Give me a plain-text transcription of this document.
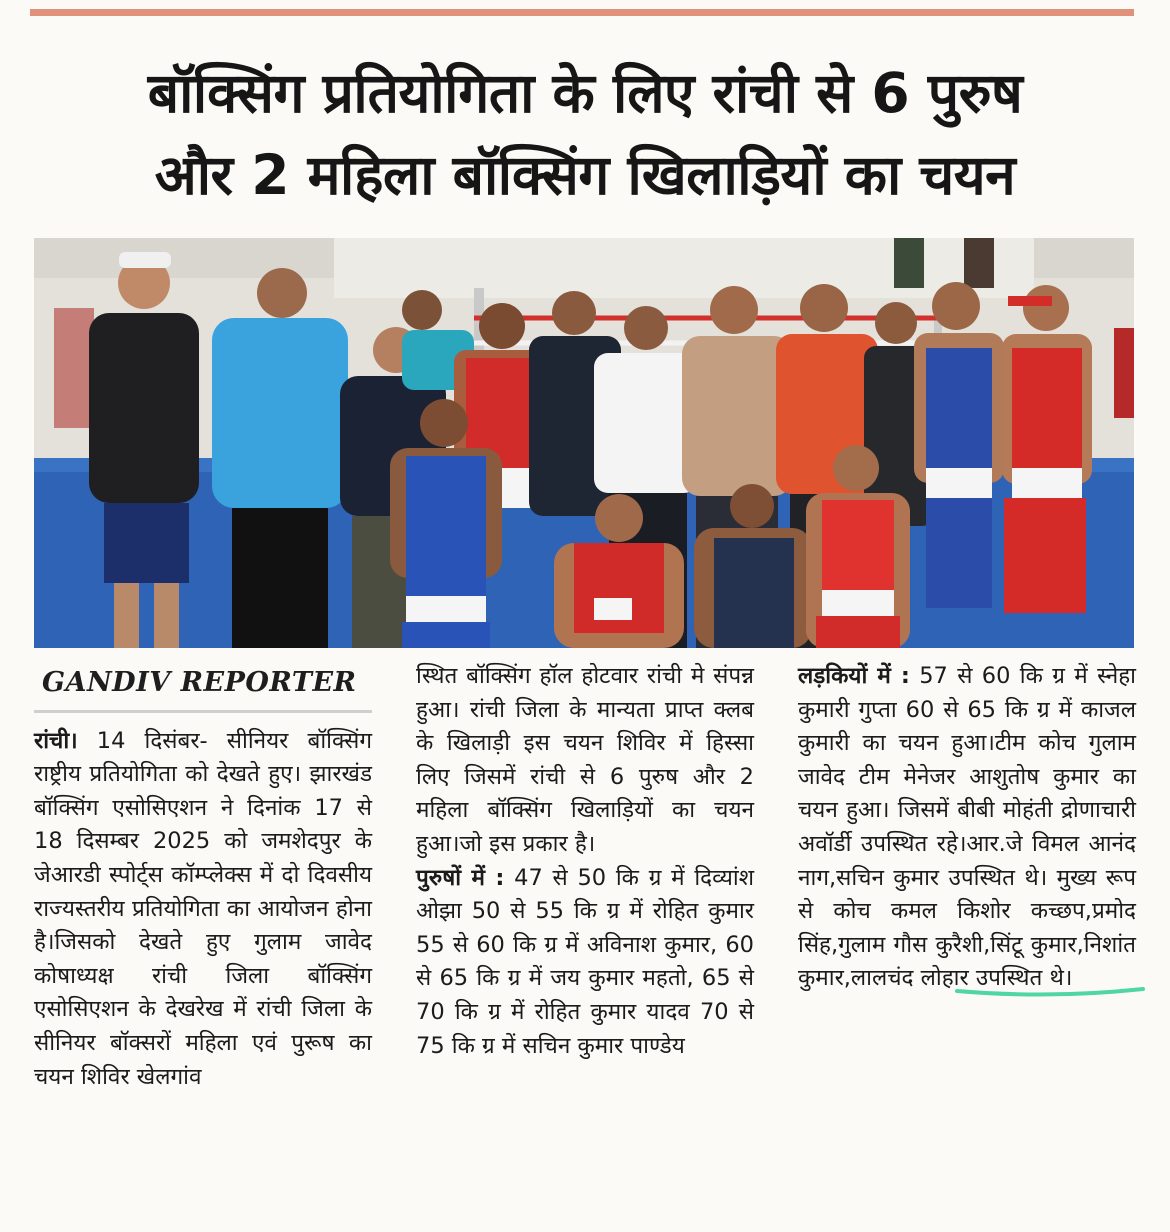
बॉक्सिंग प्रतियोगिता के लिए रांची से 6 पुरुष
और 2 महिला बॉक्सिंग खिलाड़ियों का चयन
GANDIV REPORTER

रांची। 14 दिसंबर- सीनियर बॉक्सिंग राष्ट्रीय प्रतियोगिता को देखते हुए। झारखंड बॉक्सिंग एसोसिएशन ने दिनांक 17 से 18 दिसम्बर 2025 को जमशेदपुर के जेआरडी स्पोर्ट्स कॉम्प्लेक्स में दो दिवसीय राज्यस्तरीय प्रतियोगिता का आयोजन होना है।जिसको देखते हुए गुलाम जावेद कोषाध्यक्ष रांची जिला बॉक्सिंग एसोसिएशन के देखरेख में रांची जिला के सीनियर बॉक्सरों महिला एवं पुरूष का चयन शिविर खेलगांव

स्थित बॉक्सिंग हॉल होटवार रांची मे संपन्न हुआ। रांची जिला के मान्यता प्राप्त क्लब के खिलाड़ी इस चयन शिविर में हिस्सा लिए जिसमें रांची से 6 पुरुष और 2 महिला बॉक्सिंग खिलाड़ियों का चयन हुआ।जो इस प्रकार है।

पुरुषों में : 47 से 50 कि ग्र में दिव्यांश ओझा 50 से 55 कि ग्र में रोहित कुमार 55 से 60 कि ग्र में अविनाश कुमार, 60 से 65 कि ग्र में जय कुमार महतो, 65 से 70 कि ग्र में रोहित कुमार यादव 70 से 75 कि ग्र में सचिन कुमार पाण्डेय

लड़कियों में : 57 से 60 कि ग्र में स्नेहा कुमारी गुप्ता 60 से 65 कि ग्र में काजल कुमारी का चयन हुआ।टीम कोच गुलाम जावेद टीम मेनेजर आशुतोष कुमार का चयन हुआ। जिसमें बीबी मोहंती द्रोणाचारी अवॉर्डी उपस्थित रहे।आर.जे विमल आनंद नाग,सचिन कुमार उपस्थित थे। मुख्य रूप से कोच कमल किशोर कच्छप,प्रमोद सिंह,गुलाम गौस कुरैशी,सिंटू कुमार,निशांत कुमार,लालचंद लोहार उपस्थित थे।
